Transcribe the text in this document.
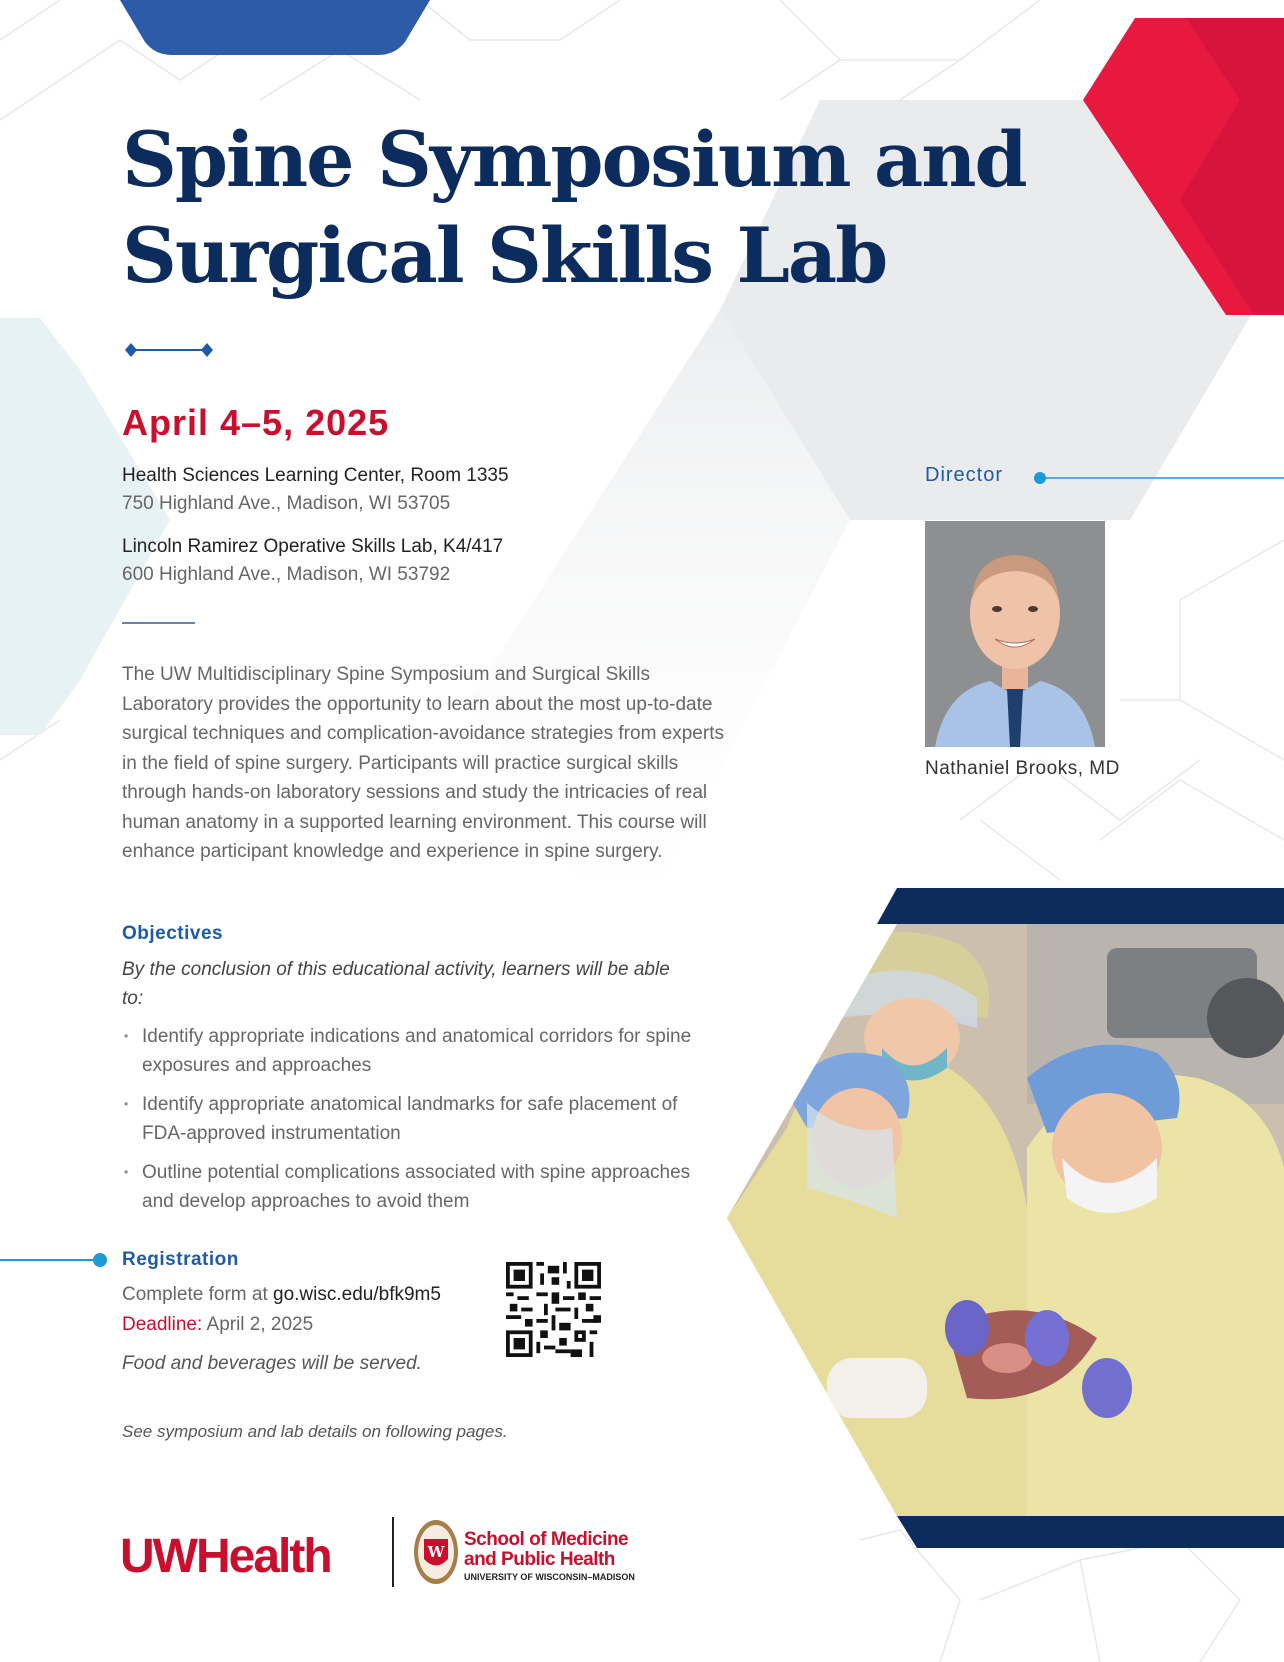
Spine Symposium and Surgical Skills Lab
April 4–5, 2025
Health Sciences Learning Center, Room 1335
750 Highland Ave., Madison, WI 53705
Lincoln Ramirez Operative Skills Lab, K4/417
600 Highland Ave., Madison, WI 53792

The UW Multidisciplinary Spine Symposium and Surgical Skills Laboratory provides the opportunity to learn about the most up-to-date surgical techniques and complication-avoidance strategies from experts in the field of spine surgery. Participants will practice surgical skills through hands-on laboratory sessions and study the intricacies of real human anatomy in a supported learning environment. This course will enhance participant knowledge and experience in spine surgery.

Objectives

By the conclusion of this educational activity, learners will be able to:

• Identify appropriate indications and anatomical corridors for spine exposures and approaches
• Identify appropriate anatomical landmarks for safe placement of FDA-approved instrumentation
• Outline potential complications associated with spine approaches and develop approaches to avoid them
Registration
Complete form at go.wisc.edu/bfk9m5
Deadline: April 2, 2025
Food and beverages will be served.
See symposium and lab details on following pages.
Director
Nathaniel Brooks, MD
UWHealth	W
School of Medicine
and Public Health
UNIVERSITY OF WISCONSIN–MADISON
